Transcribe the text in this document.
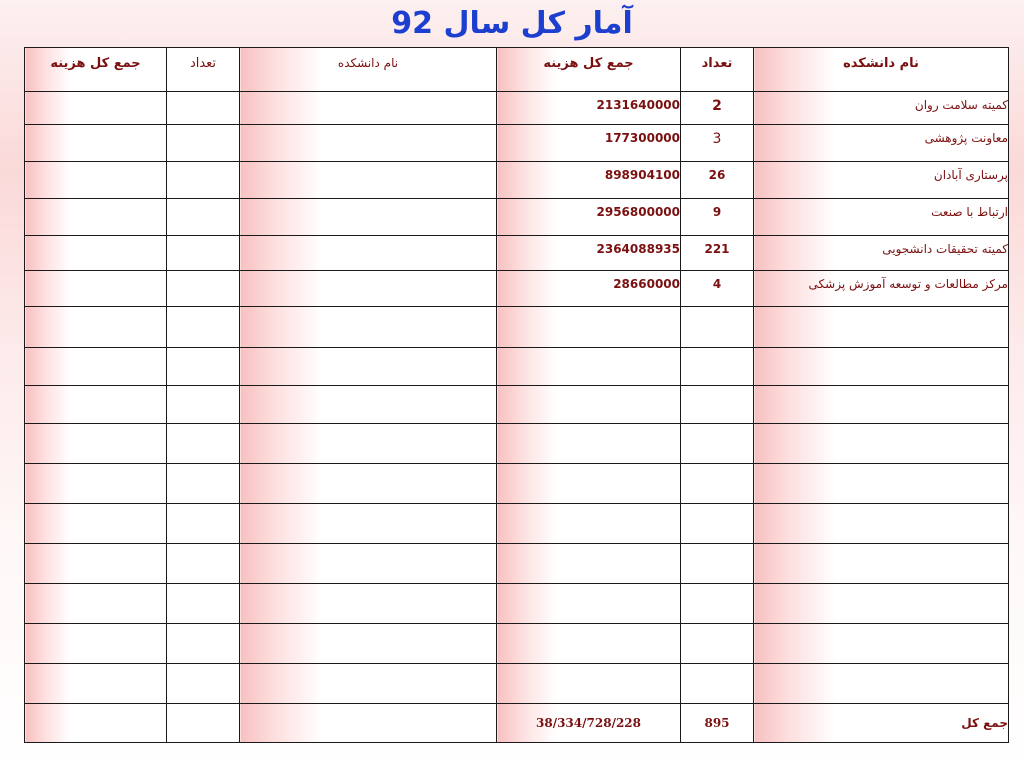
آمار کل سال 92
جمع کل هزینه	تعداد	نام دانشکده	جمع کل هزینه	تعداد	نام دانشکده
			2131640000	2	کمیته سلامت روان
			177300000	3	معاونت پژوهشی
			898904100	26	پرستاری آبادان
			2956800000	9	ارتباط با صنعت
			2364088935	221	کمیته تحقیقات دانشجویی
			28660000	4	مرکز مطالعات و توسعه آموزش پزشکی

			38/334/728/228	895	جمع کل
